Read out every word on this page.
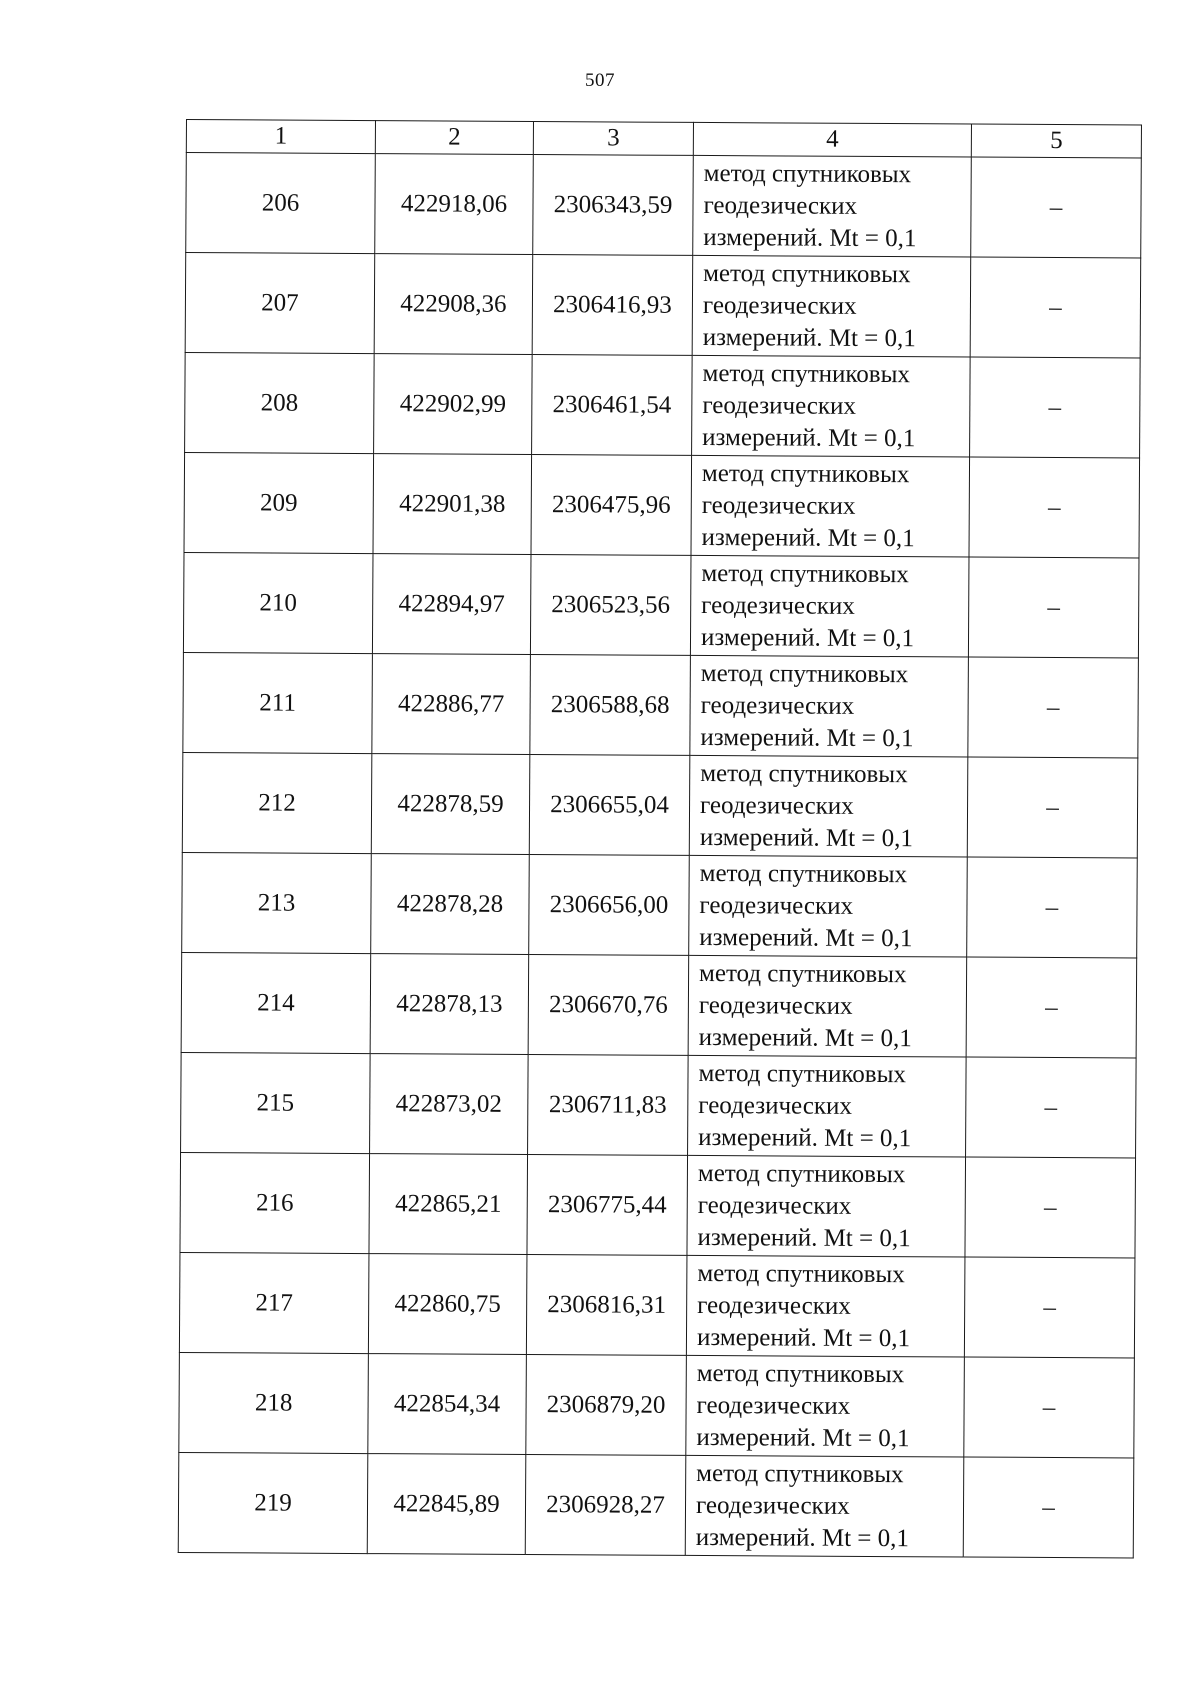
507
1	2	3	4	5
206	422918,06	2306343,59	метод спутниковых
геодезических
измерений. Mt = 0,1	–
207	422908,36	2306416,93	метод спутниковых
геодезических
измерений. Mt = 0,1	–
208	422902,99	2306461,54	метод спутниковых
геодезических
измерений. Mt = 0,1	–
209	422901,38	2306475,96	метод спутниковых
геодезических
измерений. Mt = 0,1	–
210	422894,97	2306523,56	метод спутниковых
геодезических
измерений. Mt = 0,1	–
211	422886,77	2306588,68	метод спутниковых
геодезических
измерений. Mt = 0,1	–
212	422878,59	2306655,04	метод спутниковых
геодезических
измерений. Mt = 0,1	–
213	422878,28	2306656,00	метод спутниковых
геодезических
измерений. Mt = 0,1	–
214	422878,13	2306670,76	метод спутниковых
геодезических
измерений. Mt = 0,1	–
215	422873,02	2306711,83	метод спутниковых
геодезических
измерений. Mt = 0,1	–
216	422865,21	2306775,44	метод спутниковых
геодезических
измерений. Mt = 0,1	–
217	422860,75	2306816,31	метод спутниковых
геодезических
измерений. Mt = 0,1	–
218	422854,34	2306879,20	метод спутниковых
геодезических
измерений. Mt = 0,1	–
219	422845,89	2306928,27	метод спутниковых
геодезических
измерений. Mt = 0,1	–
